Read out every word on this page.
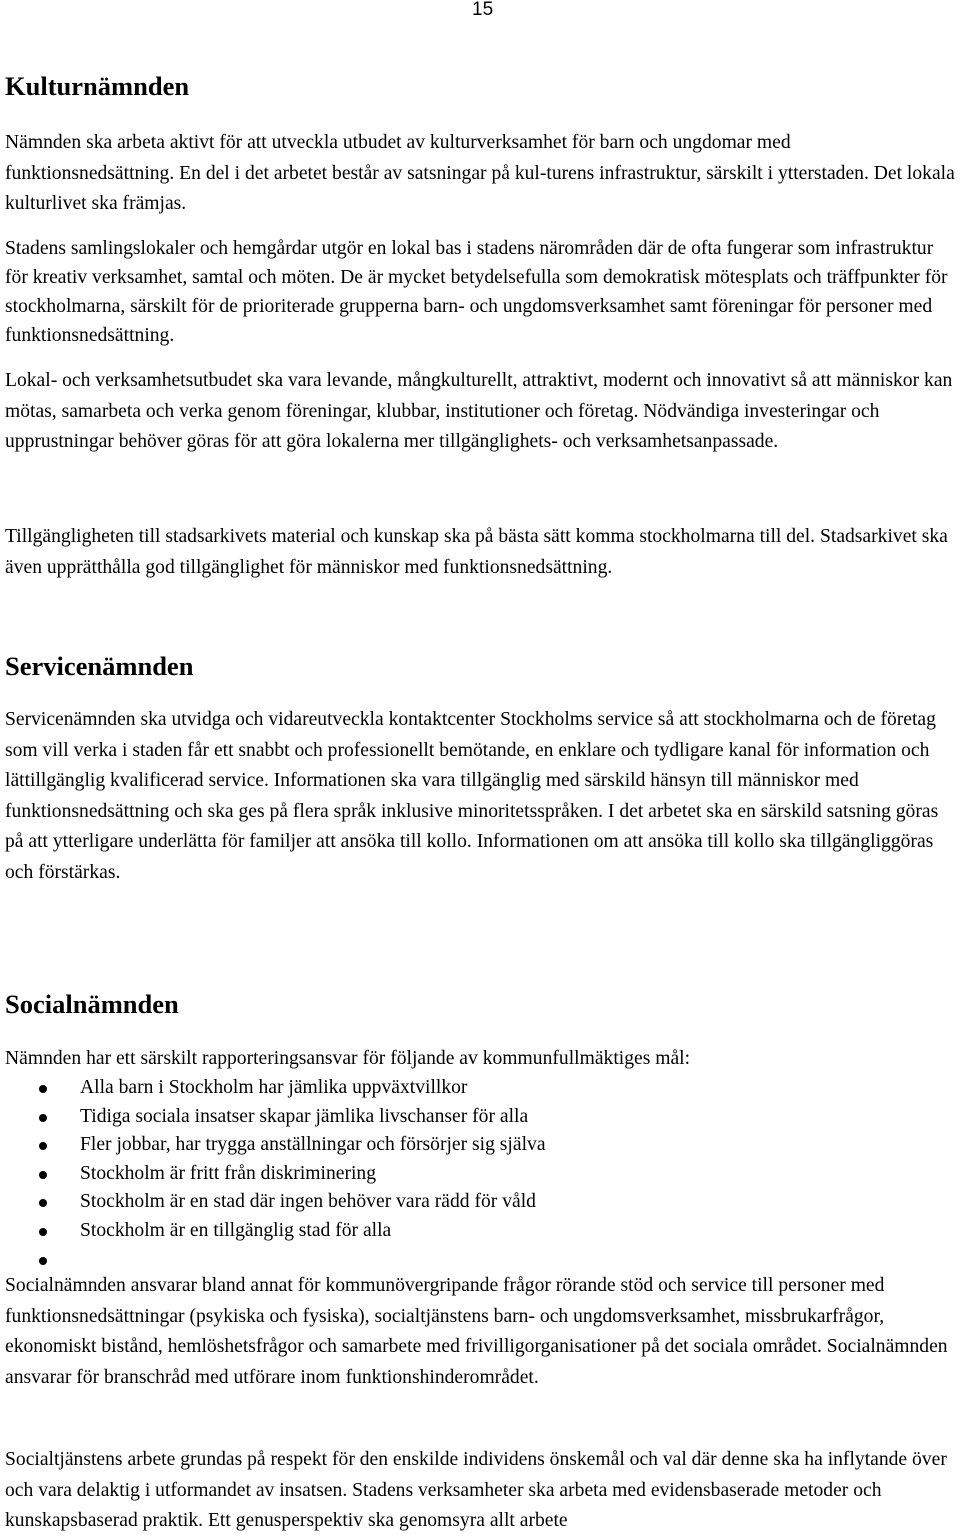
15
Kulturnämnden

Nämnden ska arbeta aktivt för att utveckla utbudet av kulturverksamhet för barn och ungdomar med funktionsnedsättning. En del i det arbetet består av satsningar på kul-turens infrastruktur, särskilt i ytterstaden. Det lokala kulturlivet ska främjas.

Stadens samlingslokaler och hemgårdar utgör en lokal bas i stadens närområden där de ofta fungerar som infrastruktur för kreativ verksamhet, samtal och möten. De är mycket betydelsefulla som demokratisk mötesplats och träffpunkter för stockholmarna, särskilt för de prioriterade grupperna barn- och ungdomsverksamhet samt föreningar för personer med funktionsnedsättning.

Lokal- och verksamhetsutbudet ska vara levande, mångkulturellt, attraktivt, modernt och innovativt så att människor kan mötas, samarbeta och verka genom föreningar, klubbar, institutioner och företag. Nödvändiga investeringar och upprustningar behöver göras för att göra lokalerna mer tillgänglighets- och verksamhetsanpassade.

Tillgängligheten till stadsarkivets material och kunskap ska på bästa sätt komma stockholmarna till del. Stadsarkivet ska även upprätthålla god tillgänglighet för människor med funktionsnedsättning.

Servicenämnden

Servicenämnden ska utvidga och vidareutveckla kontaktcenter Stockholms service så att stockholmarna och de företag som vill verka i staden får ett snabbt och professionellt bemötande, en enklare och tydligare kanal för information och lättillgänglig kvalificerad service. Informationen ska vara tillgänglig med särskild hänsyn till människor med funktionsnedsättning och ska ges på flera språk inklusive minoritetsspråken. I det arbetet ska en särskild satsning göras på att ytterligare underlätta för familjer att ansöka till kollo. Informationen om att ansöka till kollo ska tillgängliggöras och förstärkas.

Socialnämnden

Nämnden har ett särskilt rapporteringsansvar för följande av kommunfullmäktiges mål:

Alla barn i Stockholm har jämlika uppväxtvillkor
Tidiga sociala insatser skapar jämlika livschanser för alla
Fler jobbar, har trygga anställningar och försörjer sig själva
Stockholm är fritt från diskriminering
Stockholm är en stad där ingen behöver vara rädd för våld
Stockholm är en tillgänglig stad för alla

Socialnämnden ansvarar bland annat för kommunövergripande frågor rörande stöd och service till personer med funktionsnedsättningar (psykiska och fysiska), socialtjänstens barn- och ungdomsverksamhet, missbrukarfrågor, ekonomiskt bistånd, hemlöshetsfrågor och samarbete med frivilligorganisationer på det sociala området. Socialnämnden ansvarar för branschråd med utförare inom funktionshinderområdet.

Socialtjänstens arbete grundas på respekt för den enskilde individens önskemål och val där denne ska ha inflytande över och vara delaktig i utformandet av insatsen. Stadens verksamheter ska arbeta med evidensbaserade metoder och kunskapsbaserad praktik. Ett genusperspektiv ska genomsyra allt arbete
